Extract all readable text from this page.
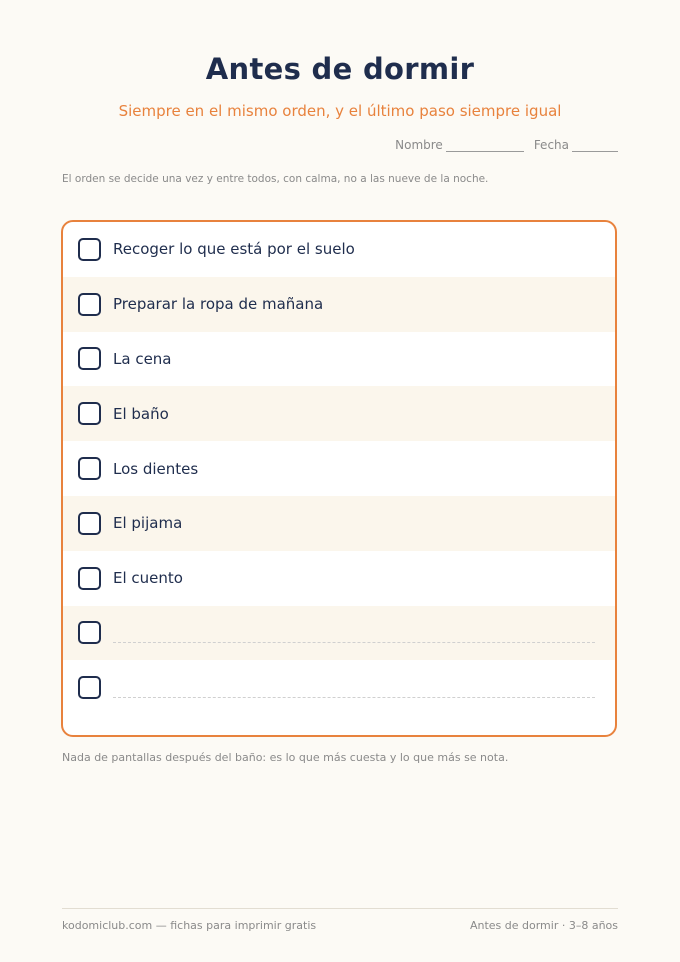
Antes de dormir
Siempre en el mismo orden, y el último paso siempre igual
Nombre	Fecha
El orden se decide una vez y entre todos, con calma, no a las nueve de la noche.
Recoger lo que está por el suelo
Preparar la ropa de mañana
La cena
El baño
Los dientes
El pijama
El cuento
Nada de pantallas después del baño: es lo que más cuesta y lo que más se nota.
kodomiclub.com — fichas para imprimir gratis	Antes de dormir · 3–8 años
